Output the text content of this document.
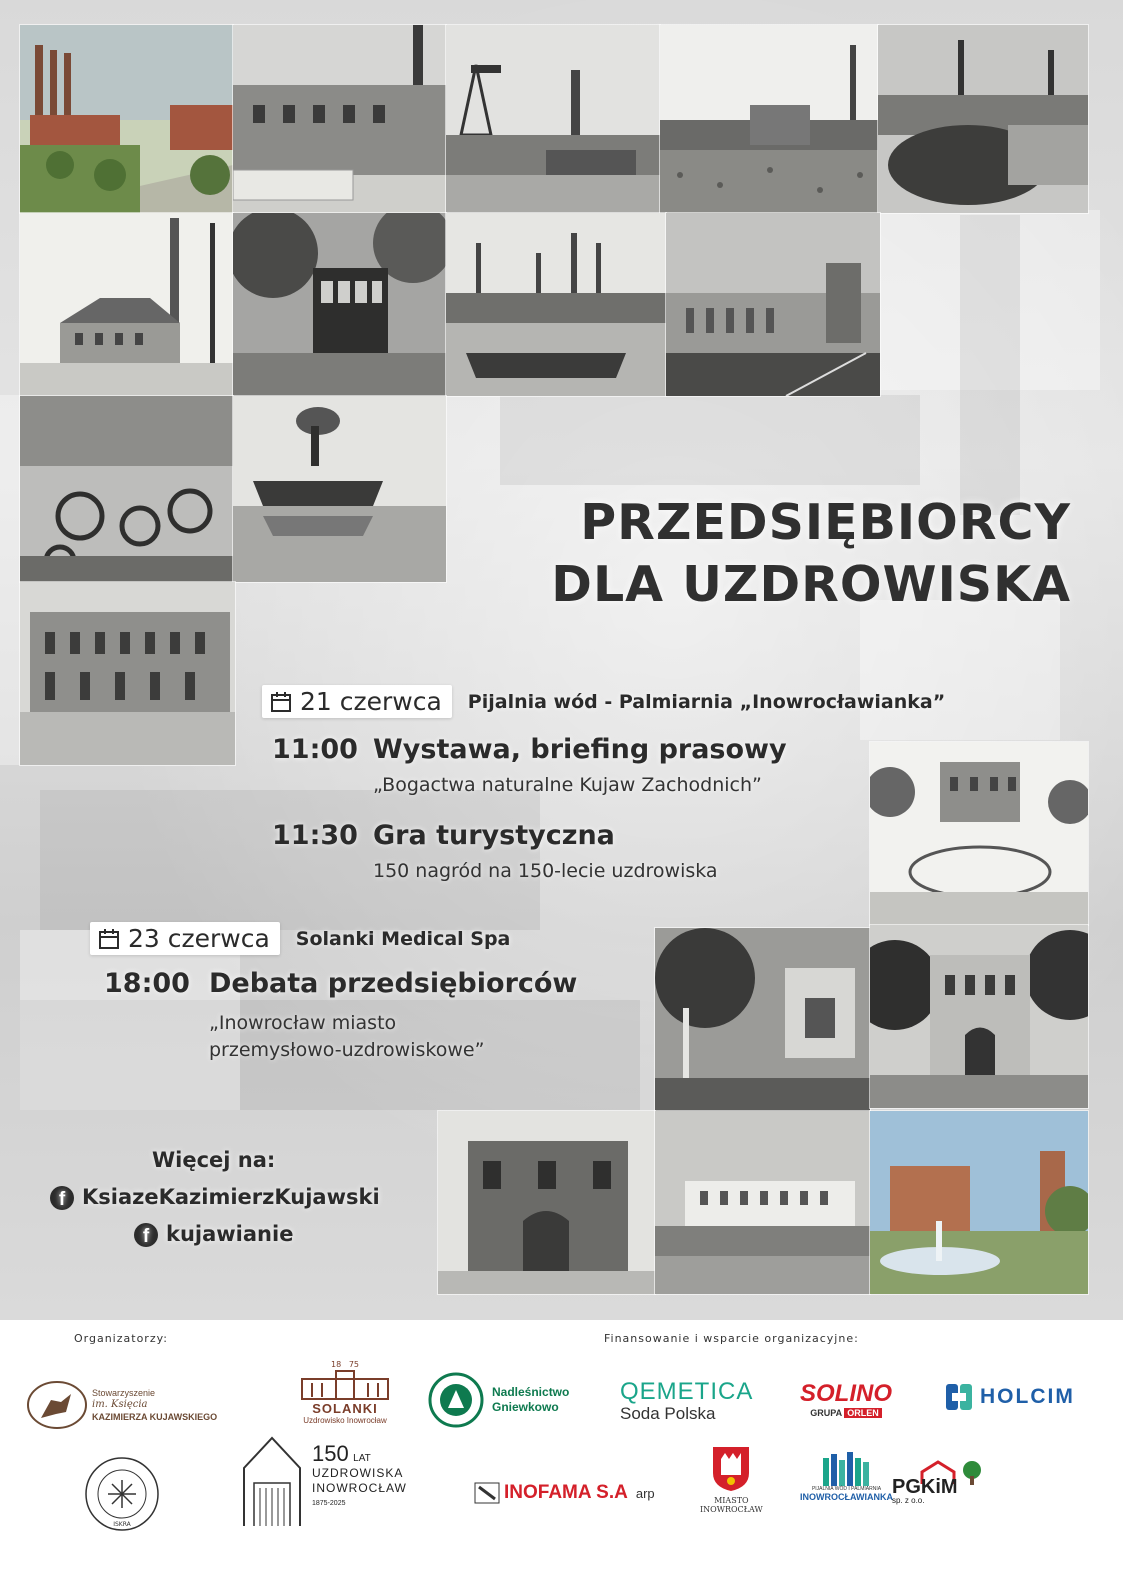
PRZEDSIĘBIORCY
DLA UZDROWISKA
21 czerwca Pijalnia wód - Palmiarnia „Inowrocławianka”
11:00 Wystawa, briefing prasowy
„Bogactwa naturalne Kujaw Zachodnich”
11:30 Gra turystyczna
150 nagród na 150-lecie uzdrowiska
23 czerwca Solanki Medical Spa
18:00 Debata przedsiębiorców
„Inowrocław miasto
przemysłowo-uzdrowiskowe”
Więcej na:
f KsiazeKazimierzKujawski
f kujawianie
Organizatorzy:	Finansowanie i wsparcie organizacyjne:
Stowarzyszenie
im. Księcia
KAZIMIERZA KUJAWSKIEGO
18 75
SOLANKI
Uzdrowisko Inowrocław
Nadleśnictwo
Gniewkowo
QEMETICA
Soda Polska
SOLINO
GRUPA ORLEN
HOLCIM
ISKRA
150 LAT
UZDROWISKA
INOWROCŁAW
1875-2025	INOFAMA S.A arp	MIASTO
INOWROCŁAW
PIJALNIA WÓD I PALMIARNIA
INOWROCŁAWIANKA PGKiM
sp. z o.o.
